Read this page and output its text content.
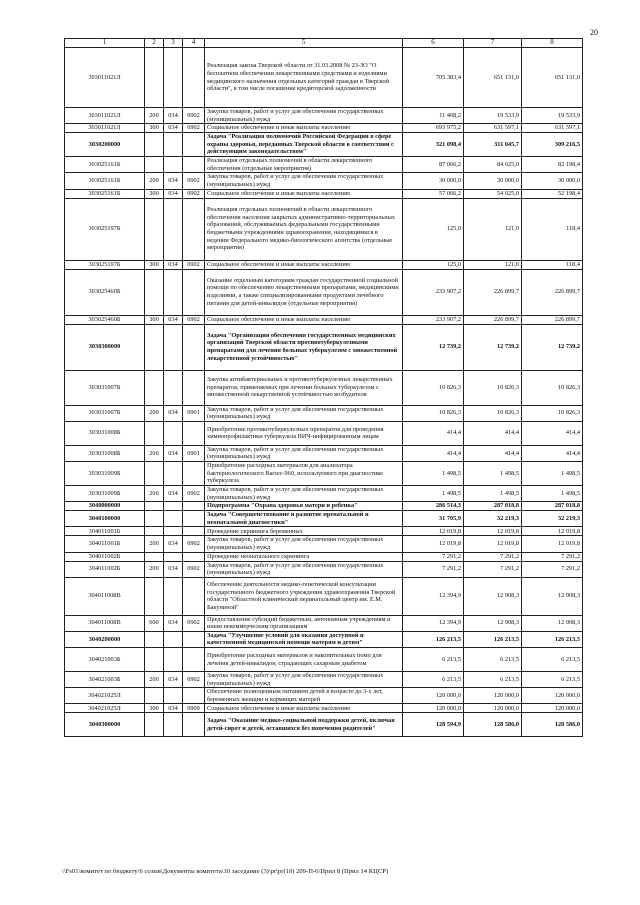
20
1	2	3	4	5	6	7	8
303011021Л				Реализация закона Тверской области от 31.03.2008 № 23-ЗО "О бесплатном обеспечении лекарственными средствами и изделиями медицинского назначения отдельных категорий граждан в Тверской области", в том числе погашение кредиторской задолженности	705 383,4	651 131,0	651 131,0
303011021Л	200	034	0902	Закупка товаров, работ и услуг для обеспечения государственных (муниципальных) нужд	11 408,2	19 533,9	19 533,9
303011021Л	300	034	0902	Социальное обеспечение и иные выплаты населению	693 975,2	631 597,1	631 597,1
3030200000				Задача "Реализация полномочий Российской Федерации в сфере охраны здоровья, переданных Тверской области в соответствии с действующим законодательством"	321 098,4	311 045,7	309 216,5
303025161Б				Реализация отдельных полномочий в области лекарственного обеспечения (отдельные мероприятия)	87 066,2	84 025,0	82 198,4
303025161Б	200	034	0902	Закупка товаров, работ и услуг для обеспечения государственных (муниципальных) нужд	30 000,0	30 000,0	30 000,0
303025161Б	300	034	0902	Социальное обеспечение и иные выплаты населению	57 066,2	54 025,0	52 198,4
303025197Б				Реализация отдельных полномочий в области лекарственного обеспечения населения закрытых административно-территориальных образований, обслуживаемых федеральными государственными бюджетными учреждениями здравоохранения, находящимися в ведении Федерального медико-биологического агентства (отдельные мероприятия)	125,0	121,0	118,4
303025197Б	300	034	0902	Социальное обеспечение и иные выплаты населению	125,0	121,0	118,4
303025460Б				Оказание отдельным категориям граждан государственной социальной помощи по обеспечению лекарственными препаратами, медицинскими изделиями, а также специализированными продуктами лечебного питания для детей-инвалидов (отдельные мероприятия)	233 907,2	226 899,7	226 899,7
303025460Б	300	034	0902	Социальное обеспечение и иные выплаты населению	233 907,2	226 899,7	226 899,7
3030300000				Задача "Организация обеспечения государственных медицинских организаций Тверской области противотуберкулезными препаратами для лечения больных туберкулезом с множественной лекарственной устойчивостью"	12 739,2	12 739,2	12 739,2
303031007Б				Закупка антибактериальных и противотуберкулезных лекарственных препаратов, применяемых при лечении больных туберкулезом с множественной лекарственной устойчивостью возбудителя	10 826,3	10 826,3	10 826,3
303031007Б	200	034	0901	Закупка товаров, работ и услуг для обеспечения государственных (муниципальных) нужд	10 826,3	10 826,3	10 826,3
303031008Б				Приобретение противотуберкулезных препаратов для проведения химиопрофилактики туберкулеза ВИЧ-инфицированным лицам	414,4	414,4	414,4
303031008Б	200	034	0901	Закупка товаров, работ и услуг для обеспечения государственных (муниципальных) нужд	414,4	414,4	414,4
303031009Б				Приобретение расходных материалов для анализатора бактериологического Bactec-960, используемого при диагностике туберкулеза	1 498,5	1 498,5	1 498,5
303031009Б	200	034	0902	Закупка товаров, работ и услуг для обеспечения государственных (муниципальных) нужд	1 498,5	1 498,5	1 498,5
3040000000				Подпрограмма "Охрана здоровья матери и ребенка"	286 514,3	287 018,8	287 018,8
3040100000				Задача "Совершенствование и развитие пренатальной и неонатальной диагностики"	31 705,9	32 219,3	32 219,3
304011001Б				Проведение скрининга беременных	12 019,8	12 019,8	12 019,8
304011001Б	200	034	0902	Закупка товаров, работ и услуг для обеспечения государственных (муниципальных) нужд	12 019,8	12 019,8	12 019,8
304011002Б				Проведение неонатального скрининга	7 291,2	7 291,2	7 291,2
304011002Б	200	034	0902	Закупка товаров, работ и услуг для обеспечения государственных (муниципальных) нужд	7 291,2	7 291,2	7 291,2
304011008В				Обеспечение деятельности медико-генетической консультации государственного бюджетного учреждения здравоохранения Тверской области "Областной клинический перинатальный центр им. Е.М. Бакуниной"	12 394,9	12 908,3	12 908,3
304011008В	600	034	0902	Предоставление субсидий бюджетным, автономным учреждениям и иным некоммерческим организациям	12 394,9	12 908,3	12 908,3
3040200000				Задача "Улучшение условий для оказания доступной и качественной медицинской помощи матерям и детям"	126 213,5	126 213,5	126 213,5
304021003Б				Приобретение расходных материалов и накопительных помп для лечения детей-инвалидов, страдающих сахарным диабетом	6 213,5	6 213,5	6 213,5
304021003Б	200	034	0902	Закупка товаров, работ и услуг для обеспечения государственных (муниципальных) нужд	6 213,5	6 213,5	6 213,5
304021025Л				Обеспечение полноценным питанием детей в возрасте до 3-х лет, беременных женщин и кормящих матерей	120 000,0	120 000,0	120 000,0
304021025Л	300	034	0909	Социальное обеспечение и иные выплаты населению	120 000,0	120 000,0	120 000,0
3040300000				Задача "Оказание медико-социальной поддержки детей, включая детей-сирот и детей, оставшихся без попечения родителей"	128 594,9	128 586,0	128 586,0
\\Fs01\комитет по бюджету\6 созыв\Документы комитета\10 заседание (3)\pr\pr(10) 209-П-6\Прил 8 (Прил 14 КЦСР)
